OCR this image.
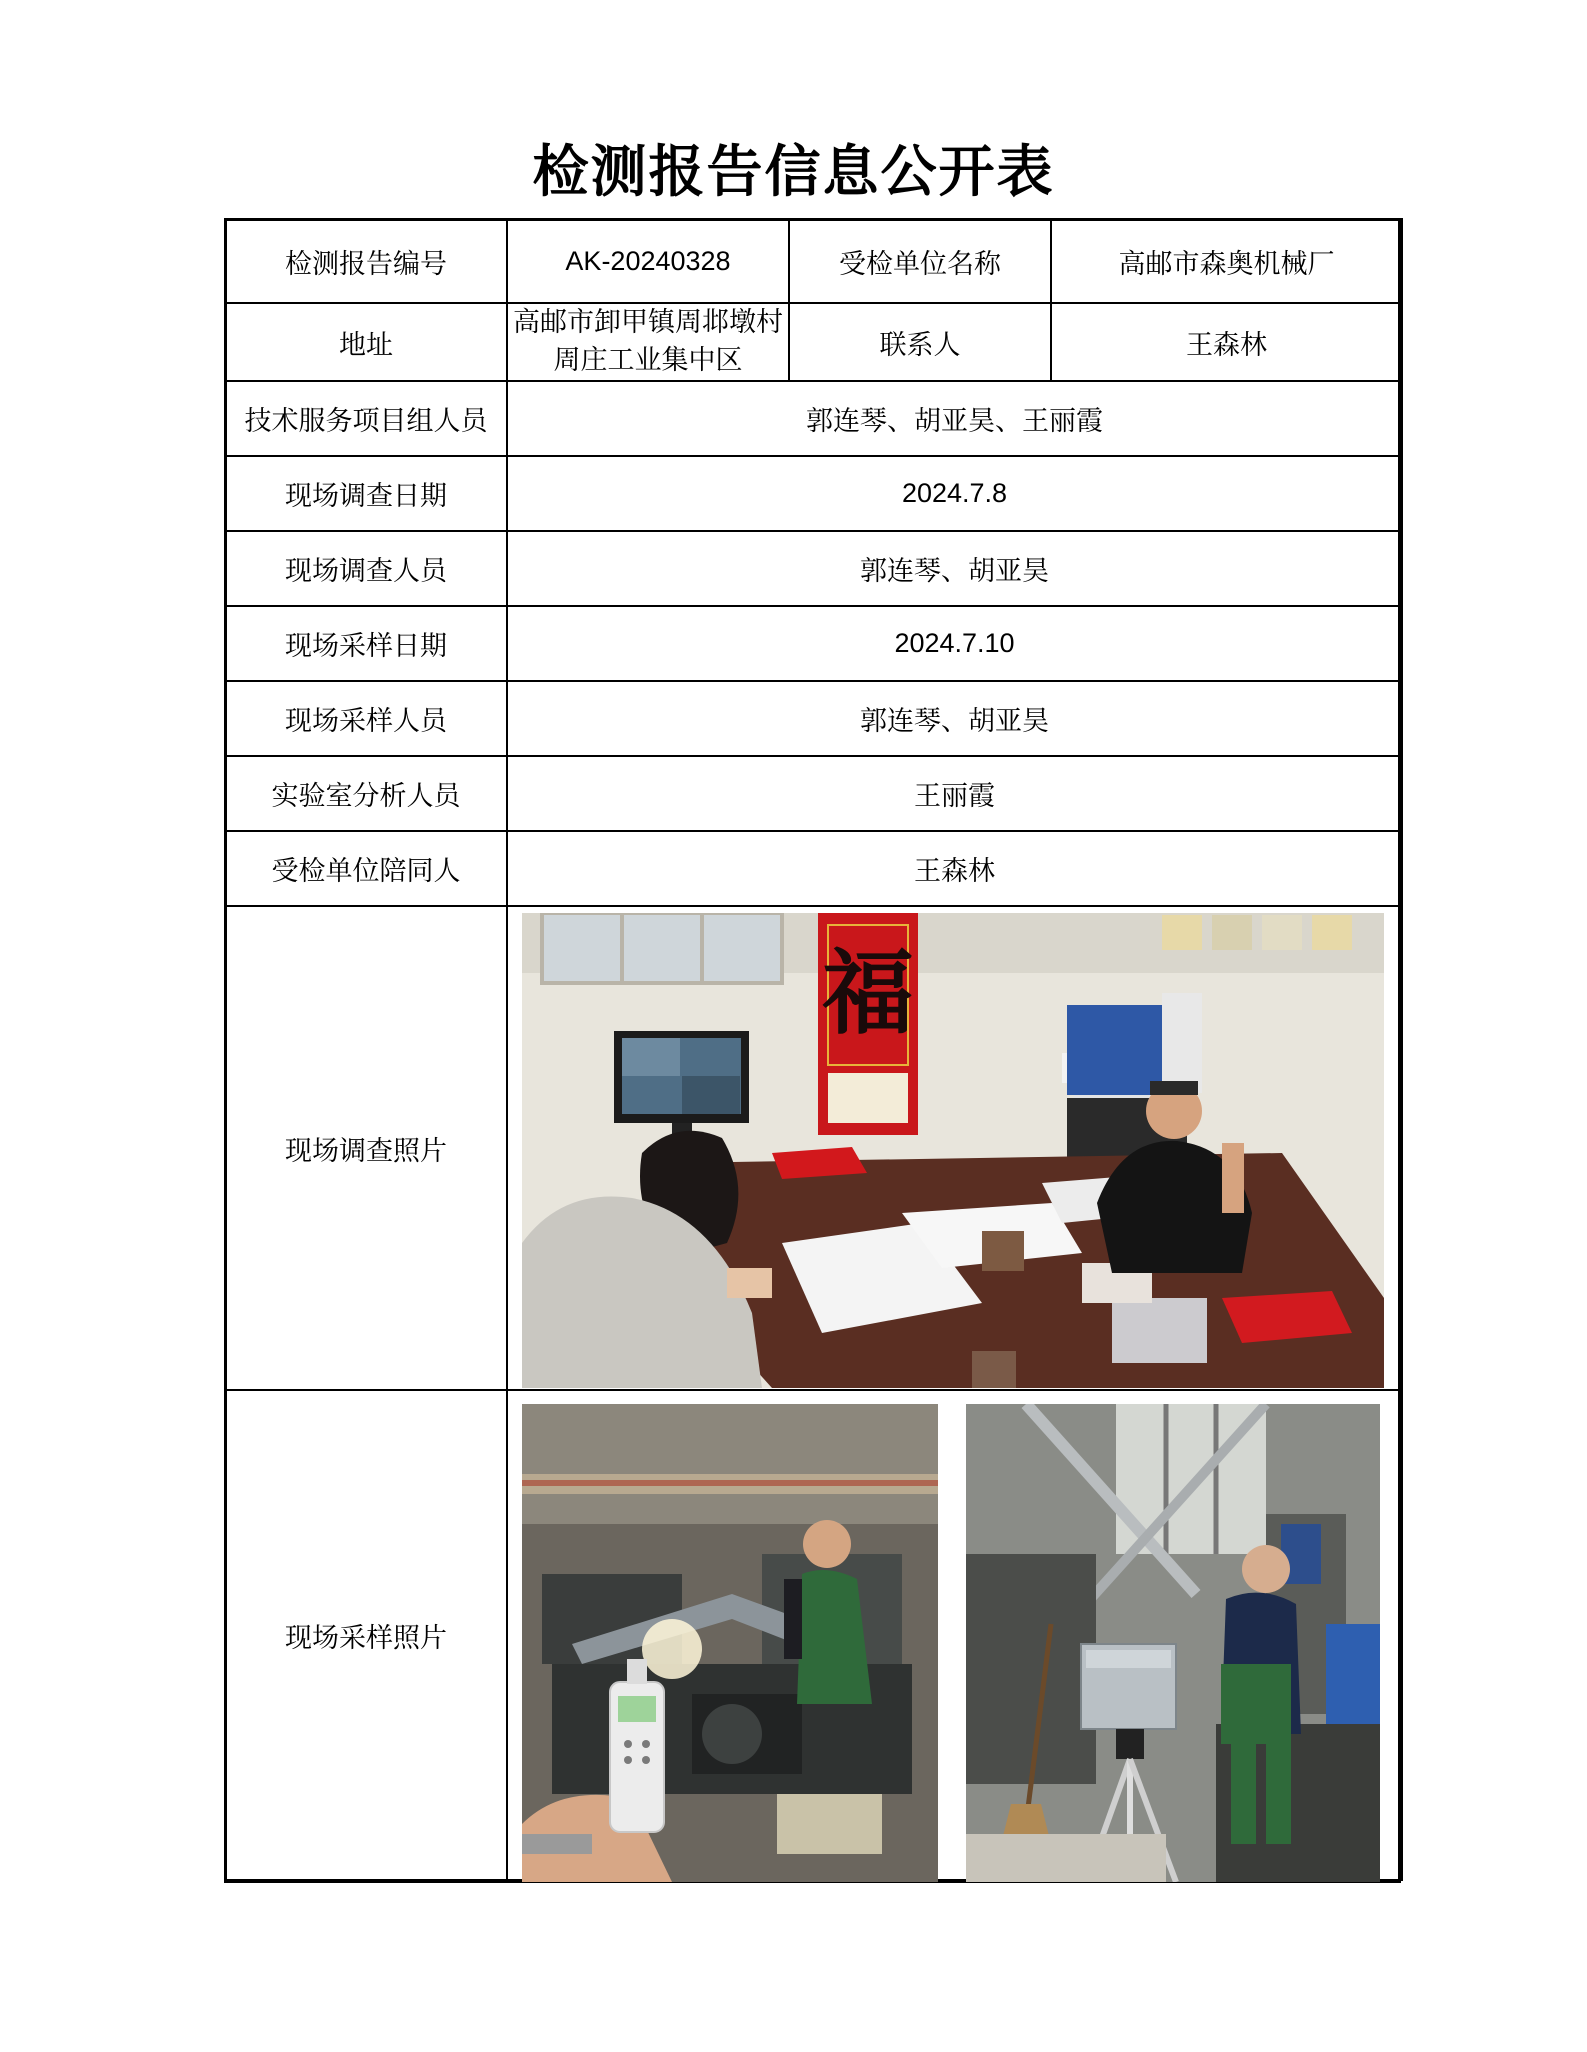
检测报告信息公开表
检测报告编号	AK-20240328	受检单位名称	高邮市森奥机械厂
地址	高邮市卸甲镇周邶墩村周庄工业集中区	联系人	王森林
技术服务项目组人员	郭连琴、胡亚昊、王丽霞		
现场调查日期	2024.7.8		
现场调查人员	郭连琴、胡亚昊		
现场采样日期	2024.7.10		
现场采样人员	郭连琴、胡亚昊		
实验室分析人员	王丽霞		
受检单位陪同人	王森林		
现场调查照片			
现场采样照片			
福
